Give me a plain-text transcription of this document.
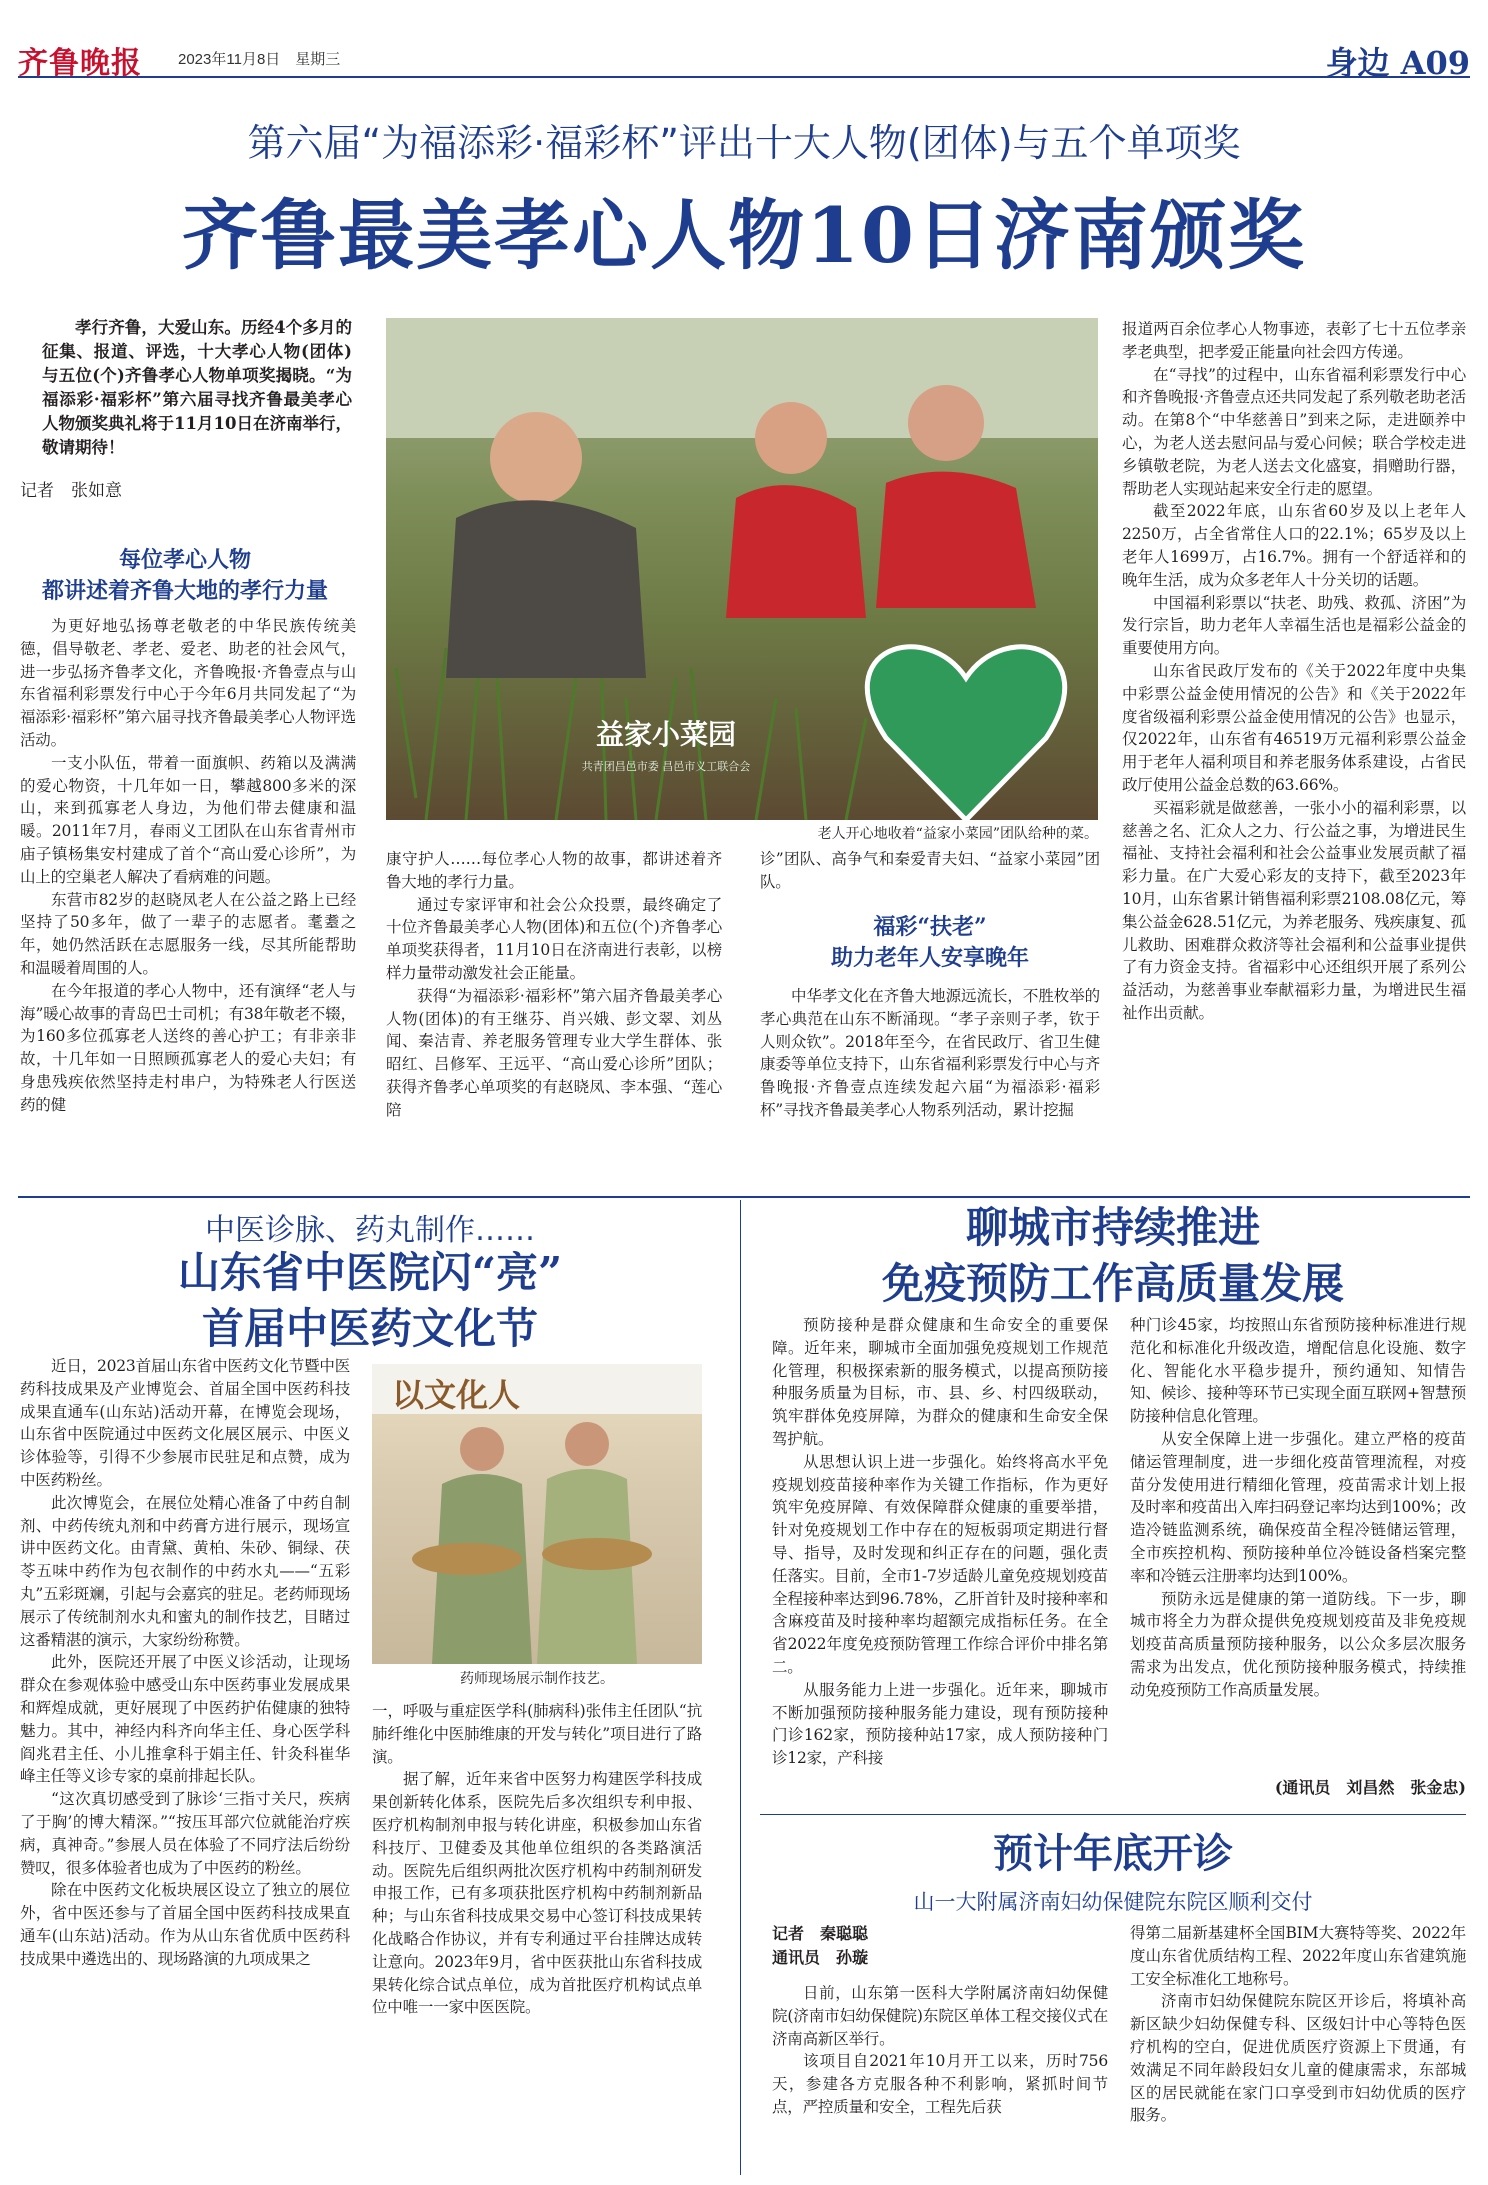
齐鲁晚报 2023年11月8日　星期三	身边 A09
第六届“为福添彩·福彩杯”评出十大人物(团体)与五个单项奖
齐鲁最美孝心人物10日济南颁奖

孝行齐鲁，大爱山东。历经4个多月的征集、报道、评选，十大孝心人物(团体)与五位(个)齐鲁孝心人物单项奖揭晓。“为福添彩·福彩杯”第六届寻找齐鲁最美孝心人物颁奖典礼将于11月10日在济南举行，敬请期待！

记者　张如意
每位孝心人物
都讲述着齐鲁大地的孝行力量

为更好地弘扬尊老敬老的中华民族传统美德，倡导敬老、孝老、爱老、助老的社会风气，进一步弘扬齐鲁孝文化，齐鲁晚报·齐鲁壹点与山东省福利彩票发行中心于今年6月共同发起了“为福添彩·福彩杯”第六届寻找齐鲁最美孝心人物评选活动。

一支小队伍，带着一面旗帜、药箱以及满满的爱心物资，十几年如一日，攀越800多米的深山，来到孤寡老人身边，为他们带去健康和温暖。2011年7月，春雨义工团队在山东省青州市庙子镇杨集安村建成了首个“高山爱心诊所”，为山上的空巢老人解决了看病难的问题。

东营市82岁的赵晓凤老人在公益之路上已经坚持了50多年，做了一辈子的志愿者。耄耋之年，她仍然活跃在志愿服务一线，尽其所能帮助和温暖着周围的人。

在今年报道的孝心人物中，还有演绎“老人与海”暖心故事的青岛巴士司机；有38年敬老不辍，为160多位孤寡老人送终的善心护工；有非亲非故，十几年如一日照顾孤寡老人的爱心夫妇；有身患残疾依然坚持走村串户，为特殊老人行医送药的健

益家小菜园
共青团昌邑市委 昌邑市义工联合会
老人开心地收着“益家小菜园”团队给种的菜。

康守护人……每位孝心人物的故事，都讲述着齐鲁大地的孝行力量。

通过专家评审和社会公众投票，最终确定了十位齐鲁最美孝心人物(团体)和五位(个)齐鲁孝心单项奖获得者，11月10日在济南进行表彰，以榜样力量带动激发社会正能量。

获得“为福添彩·福彩杯”第六届齐鲁最美孝心人物(团体)的有王继芬、肖兴娥、彭文翠、刘丛闻、秦洁青、养老服务管理专业大学生群体、张昭红、吕修军、王远平、“高山爱心诊所”团队；获得齐鲁孝心单项奖的有赵晓凤、李本强、“莲心陪

诊”团队、高争气和秦爱青夫妇、“益家小菜园”团队。

福彩“扶老”
助力老年人安享晚年

中华孝文化在齐鲁大地源远流长，不胜枚举的孝心典范在山东不断涌现。“孝子亲则子孝，钦于人则众钦”。2018年至今，在省民政厅、省卫生健康委等单位支持下，山东省福利彩票发行中心与齐鲁晚报·齐鲁壹点连续发起六届“为福添彩·福彩杯”寻找齐鲁最美孝心人物系列活动，累计挖掘

报道两百余位孝心人物事迹，表彰了七十五位孝亲孝老典型，把孝爱正能量向社会四方传递。

在“寻找”的过程中，山东省福利彩票发行中心和齐鲁晚报·齐鲁壹点还共同发起了系列敬老助老活动。在第8个“中华慈善日”到来之际，走进颐养中心，为老人送去慰问品与爱心问候；联合学校走进乡镇敬老院，为老人送去文化盛宴，捐赠助行器，帮助老人实现站起来安全行走的愿望。

截至2022年底，山东省60岁及以上老年人2250万，占全省常住人口的22.1%；65岁及以上老年人1699万，占16.7%。拥有一个舒适祥和的晚年生活，成为众多老年人十分关切的话题。

中国福利彩票以“扶老、助残、救孤、济困”为发行宗旨，助力老年人幸福生活也是福彩公益金的重要使用方向。

山东省民政厅发布的《关于2022年度中央集中彩票公益金使用情况的公告》和《关于2022年度省级福利彩票公益金使用情况的公告》也显示，仅2022年，山东省有46519万元福利彩票公益金用于老年人福利项目和养老服务体系建设，占省民政厅使用公益金总数的63.66%。

买福彩就是做慈善，一张小小的福利彩票，以慈善之名、汇众人之力、行公益之事，为增进民生福祉、支持社会福利和社会公益事业发展贡献了福彩力量。在广大爱心彩友的支持下，截至2023年10月，山东省累计销售福利彩票2108.08亿元，筹集公益金628.51亿元，为养老服务、残疾康复、孤儿救助、困难群众救济等社会福利和公益事业提供了有力资金支持。省福彩中心还组织开展了系列公益活动，为慈善事业奉献福彩力量，为增进民生福祉作出贡献。

中医诊脉、药丸制作……
山东省中医院闪“亮”
首届中医药文化节
以文化人
药师现场展示制作技艺。

近日，2023首届山东省中医药文化节暨中医药科技成果及产业博览会、首届全国中医药科技成果直通车(山东站)活动开幕，在博览会现场，山东省中医院通过中医药文化展区展示、中医义诊体验等，引得不少参展市民驻足和点赞，成为中医药粉丝。

此次博览会，在展位处精心准备了中药自制剂、中药传统丸剂和中药膏方进行展示，现场宣讲中医药文化。由青黛、黄柏、朱砂、铜绿、茯苓五味中药作为包衣制作的中药水丸——“五彩丸”五彩斑斓，引起与会嘉宾的驻足。老药师现场展示了传统制剂水丸和蜜丸的制作技艺，目睹过这番精湛的演示，大家纷纷称赞。

此外，医院还开展了中医义诊活动，让现场群众在参观体验中感受山东中医药事业发展成果和辉煌成就，更好展现了中医药护佑健康的独特魅力。其中，神经内科齐向华主任、身心医学科阎兆君主任、小儿推拿科于娟主任、针灸科崔华峰主任等义诊专家的桌前排起长队。

“这次真切感受到了脉诊‘三指寸关尺，疾病了于胸’的博大精深。”“按压耳部穴位就能治疗疾病，真神奇。”参展人员在体验了不同疗法后纷纷赞叹，很多体验者也成为了中医药的粉丝。

除在中医药文化板块展区设立了独立的展位外，省中医还参与了首届全国中医药科技成果直通车(山东站)活动。作为从山东省优质中医药科技成果中遴选出的、现场路演的九项成果之

一，呼吸与重症医学科(肺病科)张伟主任团队“抗肺纤维化中医肺维康的开发与转化”项目进行了路演。

据了解，近年来省中医努力构建医学科技成果创新转化体系，医院先后多次组织专利申报、医疗机构制剂申报与转化讲座，积极参加山东省科技厅、卫健委及其他单位组织的各类路演活动。医院先后组织两批次医疗机构中药制剂研发申报工作，已有多项获批医疗机构中药制剂新品种；与山东省科技成果交易中心签订科技成果转化战略合作协议，并有专利通过平台挂牌达成转让意向。2023年9月，省中医获批山东省科技成果转化综合试点单位，成为首批医疗机构试点单位中唯一一家中医医院。

聊城市持续推进
免疫预防工作高质量发展

预防接种是群众健康和生命安全的重要保障。近年来，聊城市全面加强免疫规划工作规范化管理，积极探索新的服务模式，以提高预防接种服务质量为目标，市、县、乡、村四级联动，筑牢群体免疫屏障，为群众的健康和生命安全保驾护航。

从思想认识上进一步强化。始终将高水平免疫规划疫苗接种率作为关键工作指标，作为更好筑牢免疫屏障、有效保障群众健康的重要举措，针对免疫规划工作中存在的短板弱项定期进行督导、指导，及时发现和纠正存在的问题，强化责任落实。目前，全市1-7岁适龄儿童免疫规划疫苗全程接种率达到96.78%，乙肝首针及时接种率和含麻疫苗及时接种率均超额完成指标任务。在全省2022年度免疫预防管理工作综合评价中排名第二。

从服务能力上进一步强化。近年来，聊城市不断加强预防接种服务能力建设，现有预防接种门诊162家，预防接种站17家，成人预防接种门诊12家，产科接

种门诊45家，均按照山东省预防接种标准进行规范化和标准化升级改造，增配信息化设施、数字化、智能化水平稳步提升，预约通知、知情告知、候诊、接种等环节已实现全面互联网+智慧预防接种信息化管理。

从安全保障上进一步强化。建立严格的疫苗储运管理制度，进一步细化疫苗管理流程，对疫苗分发使用进行精细化管理，疫苗需求计划上报及时率和疫苗出入库扫码登记率均达到100%；改造冷链监测系统，确保疫苗全程冷链储运管理，全市疾控机构、预防接种单位冷链设备档案完整率和冷链云注册率均达到100%。

预防永远是健康的第一道防线。下一步，聊城市将全力为群众提供免疫规划疫苗及非免疫规划疫苗高质量预防接种服务，以公众多层次服务需求为出发点，优化预防接种服务模式，持续推动免疫预防工作高质量发展。

(通讯员　刘昌然　张金忠)
预计年底开诊
山一大附属济南妇幼保健院东院区顺利交付
记者　秦聪聪
通讯员　孙璇

日前，山东第一医科大学附属济南妇幼保健院(济南市妇幼保健院)东院区单体工程交接仪式在济南高新区举行。

该项目自2021年10月开工以来，历时756天，参建各方克服各种不利影响，紧抓时间节点，严控质量和安全，工程先后获

得第二届新基建杯全国BIM大赛特等奖、2022年度山东省优质结构工程、2022年度山东省建筑施工安全标准化工地称号。

济南市妇幼保健院东院区开诊后，将填补高新区缺少妇幼保健专科、区级妇计中心等特色医疗机构的空白，促进优质医疗资源上下贯通，有效满足不同年龄段妇女儿童的健康需求，东部城区的居民就能在家门口享受到市妇幼优质的医疗服务。
